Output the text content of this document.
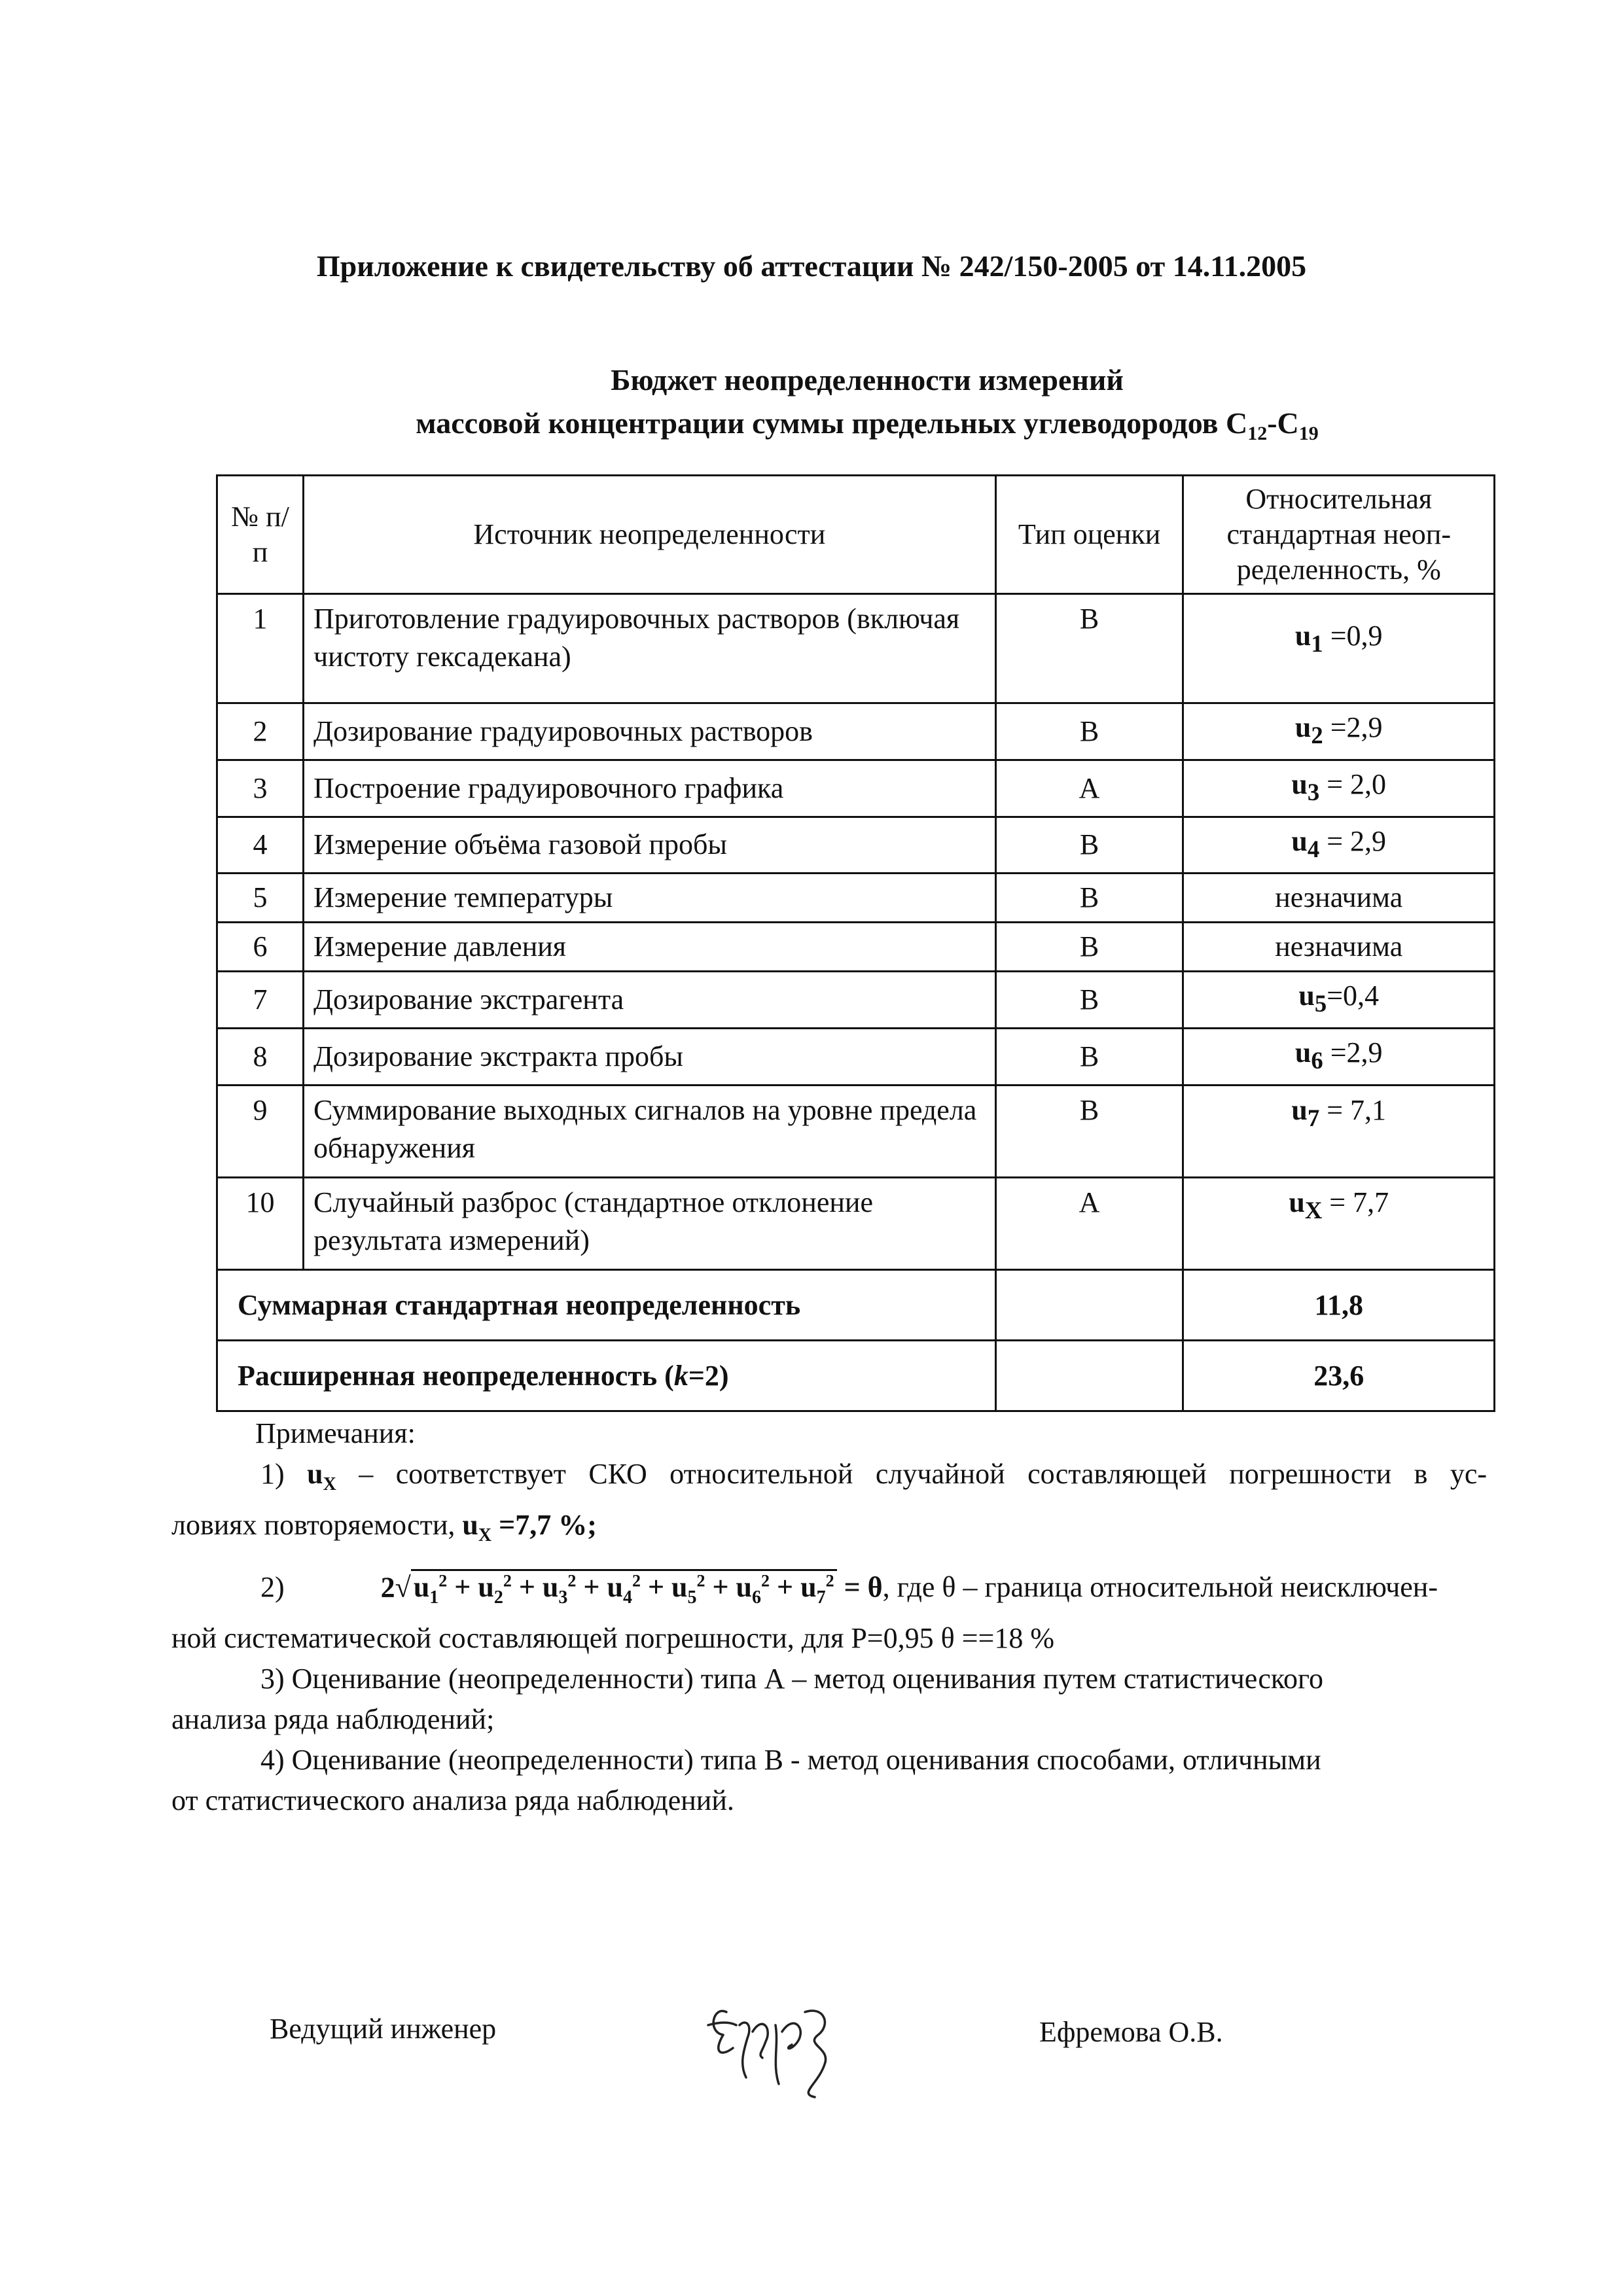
Приложение к свидетельству об аттестации № 242/150-2005 от 14.11.2005
Бюджет неопределенности измерений
массовой концентрации суммы предельных углеводородов $С_{12}-С_{19}$
№ п/п	Источник неопределенности	Тип оценки	Относительная стандартная неоп-ределенность, %
1	Приготовление градуировочных растворов (включая чистоту гексадекана)	В	$u_1 =0,9$
2	Дозирование градуировочных растворов	В	$u_2 =2,9$
3	Построение градуировочного графика	А	$u_3 = 2,0$
4	Измерение объёма газовой пробы	В	$u_4 = 2,9$
5	Измерение температуры	В	незначима
6	Измерение давления	В	незначима
7	Дозирование экстрагента	В	$u_5=0,4$
8	Дозирование экстракта пробы	В	$u_6 =2,9$
9	Суммирование выходных сигналов на уровне предела обнаружения	В	$u_7 = 7,1$
10	Случайный разброс (стандартное отклонение результата измерений)	А	$u_X = 7,7$
Суммарная стандартная неопределенность			11,8
Расширенная неопределенность (k=2)			23,6

Примечания:

1) $u_X$ – соответствует СКО относительной случайной составляющей погрешности в ус-

ловиях повторяемости, $u_X =7,7$ %;

2)	$2√u_1^2 + u_2^2 + u_3^2 + u_4^2 + u_5^2 + u_6^2 + u_7^2 = \theta$, где θ – граница относительной неисключен-

ной систематической составляющей погрешности, для Р=0,95 θ ==18 %

3) Оценивание (неопределенности) типа А – метод оценивания путем статистического

анализа ряда наблюдений;

4) Оценивание (неопределенности) типа В - метод оценивания способами, отличными

от статистического анализа ряда наблюдений.

Ведущий инженер	Ефремова О.В.
